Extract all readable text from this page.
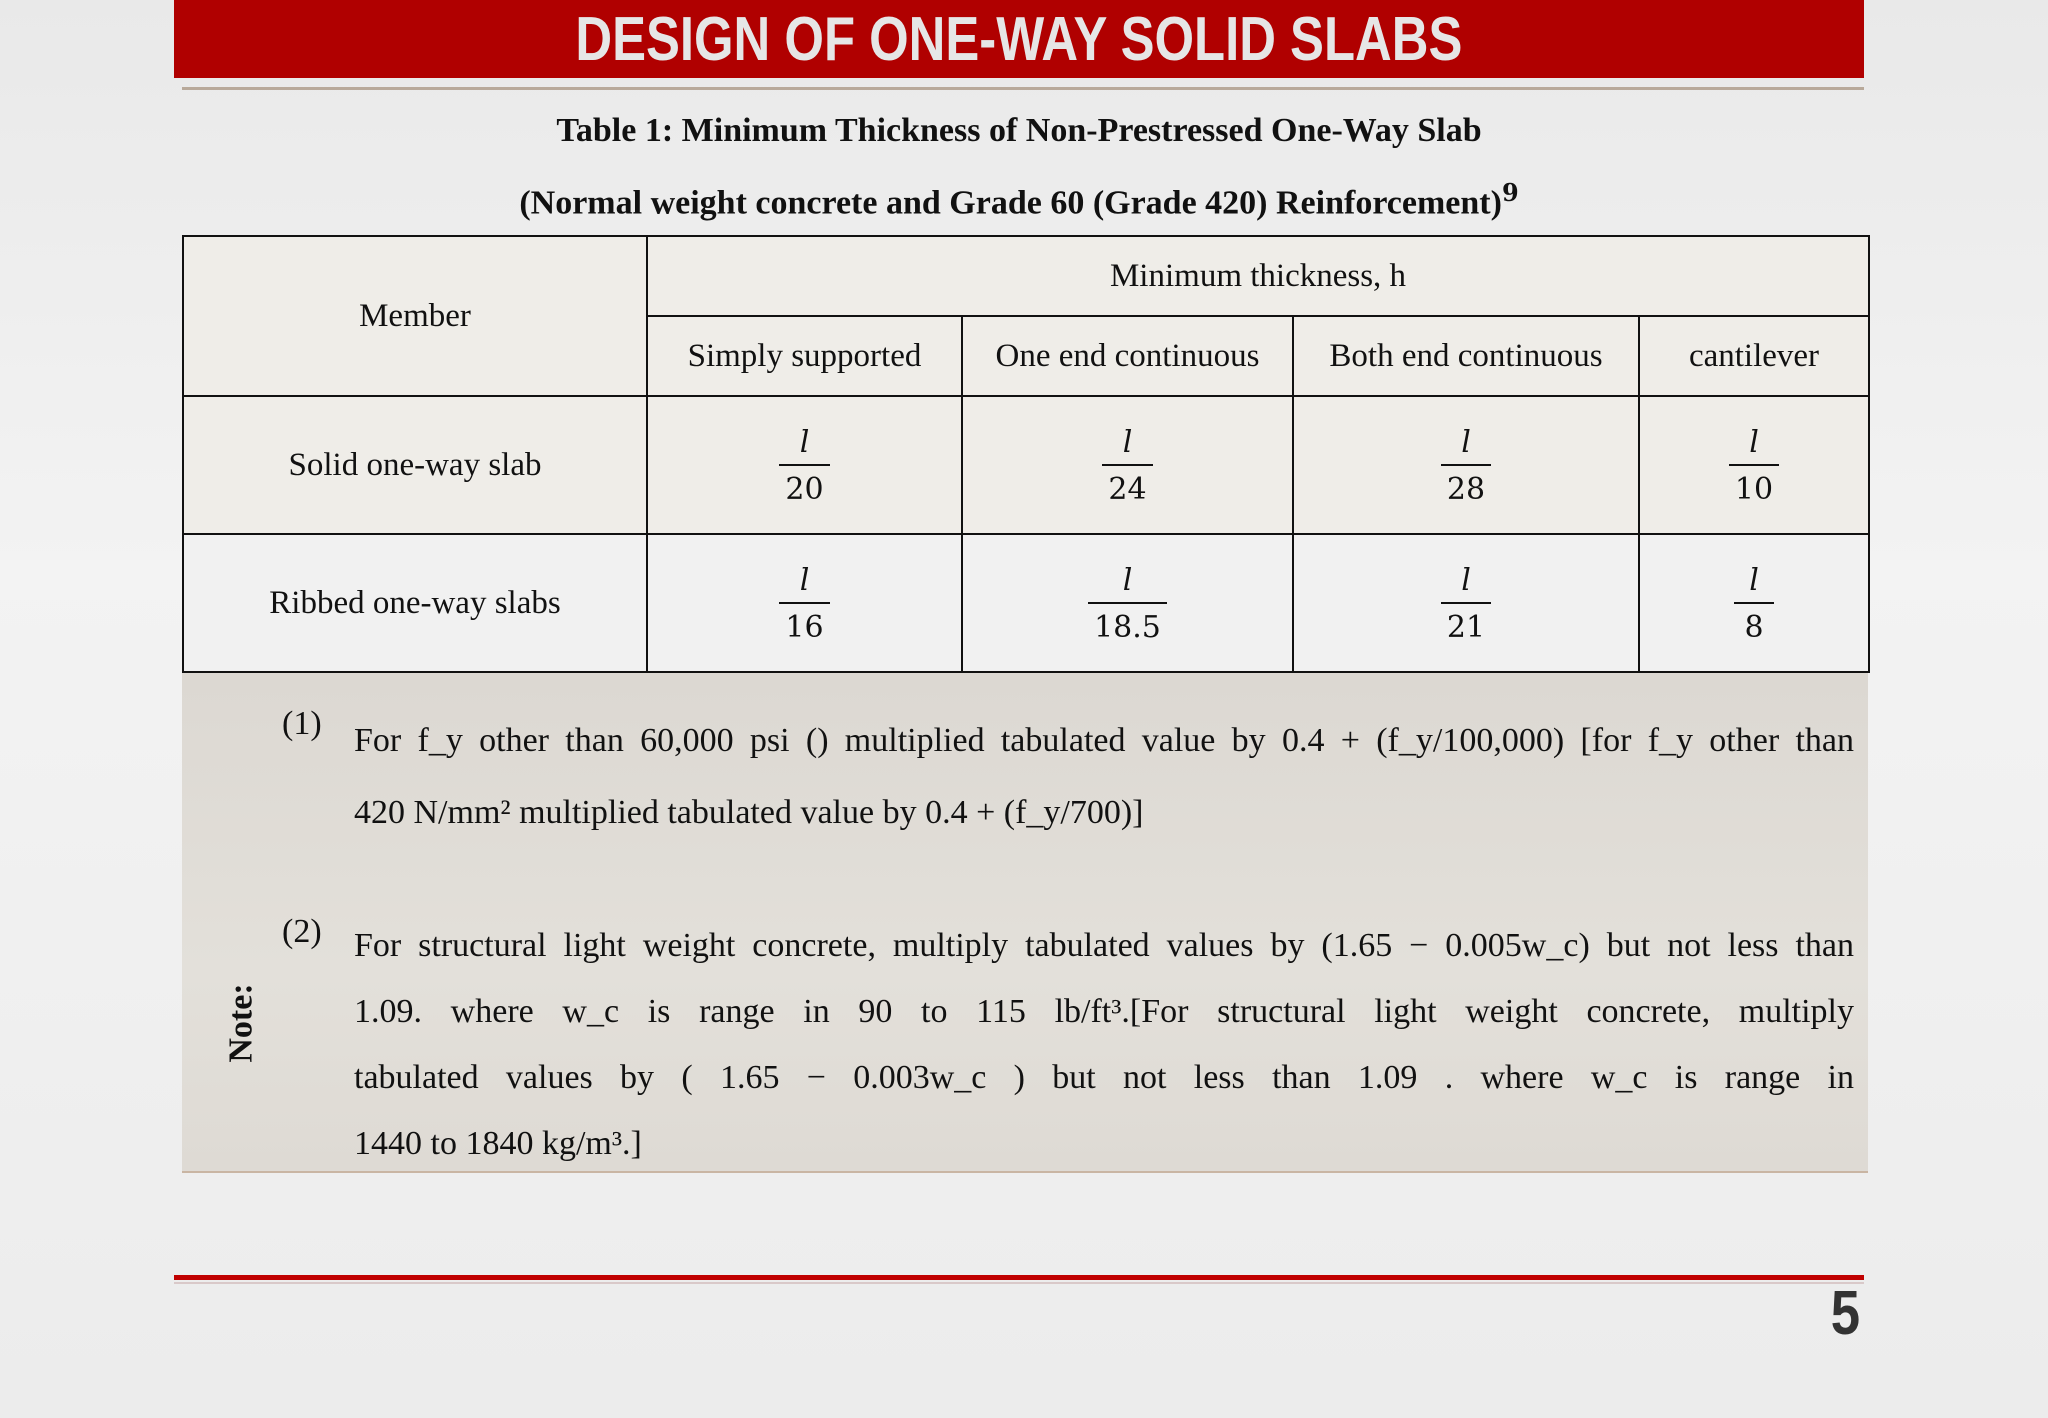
DESIGN OF ONE-WAY SOLID SLABS
Table 1: Minimum Thickness of Non-Prestressed One-Way Slab
(Normal weight concrete and Grade 60 (Grade 420) Reinforcement)$^9$
Member	Minimum thickness, h			
	Simply supported	One end continuous	Both end continuous	cantilever
Solid one-way slab	$\frac{l}{20}$	$\frac{l}{24}$	$\frac{l}{28}$	$\frac{l}{10}$

Ribbed one-way slabs	$\frac{l}{16}$	$\frac{l}{18.5}$	$\frac{l}{21}$	$\frac{l}{8}$
Note:
(1) For f_y other than 60,000 psi () multiplied tabulated value by 0.4 + (f_y/100,000) [for f_y other than
420 N/mm² multiplied tabulated value by 0.4 + (f_y/700)]
(2) For structural light weight concrete, multiply tabulated values by (1.65 − 0.005w_c) but not less than
1.09. where w_c is range in 90 to 115 lb/ft³.[For structural light weight concrete, multiply
tabulated values by ( 1.65 − 0.003w_c ) but not less than 1.09 . where w_c is range in
1440 to 1840 kg/m³.]
5
